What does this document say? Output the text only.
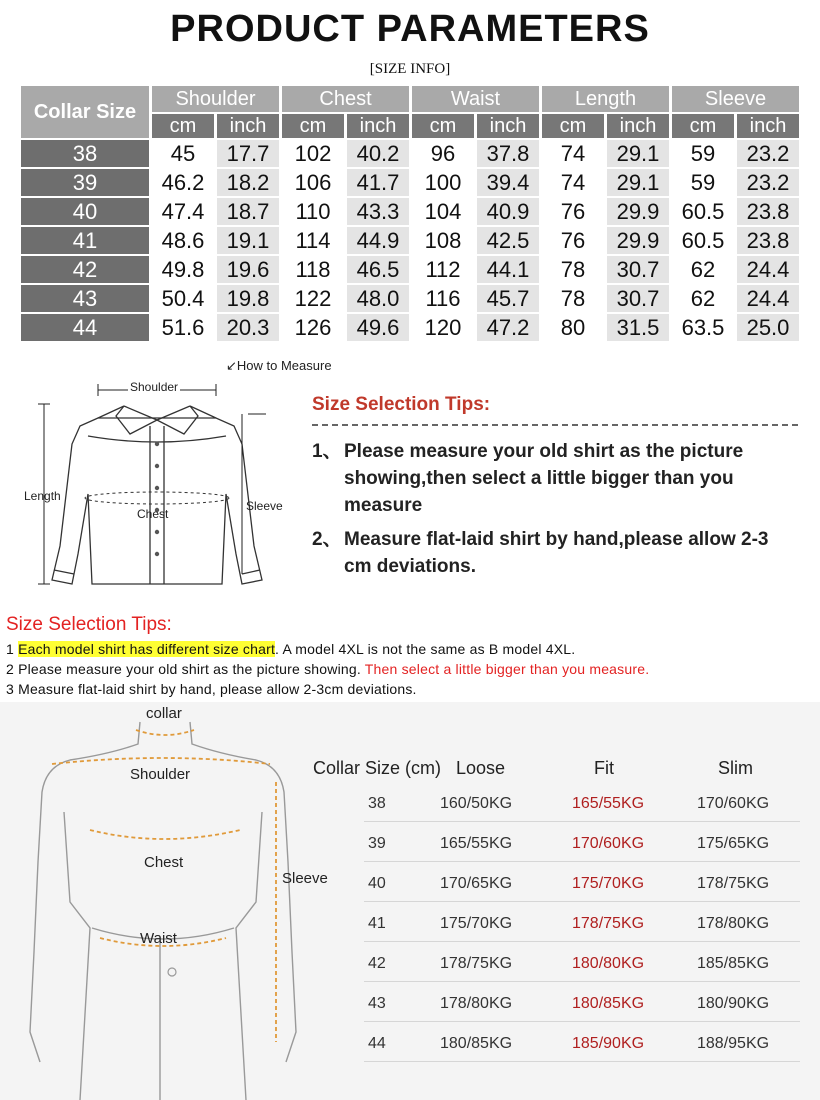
PRODUCT PARAMETERS
[SIZE INFO]
Collar Size	Shoulder		Chest		Waist		Length		Sleeve	
	cm	inch	cm	inch	cm	inch	cm	inch	cm	inch
38	45	17.7	102	40.2	96	37.8	74	29.1	59	23.2
39	46.2	18.2	106	41.7	100	39.4	74	29.1	59	23.2
40	47.4	18.7	110	43.3	104	40.9	76	29.9	60.5	23.8
41	48.6	19.1	114	44.9	108	42.5	76	29.9	60.5	23.8
42	49.8	19.6	118	46.5	112	44.1	78	30.7	62	24.4
43	50.4	19.8	122	48.0	116	45.7	78	30.7	62	24.4
44	51.6	20.3	126	49.6	120	47.2	80	31.5	63.5	25.0
↙How to Measure
Shoulder
Length
Chest
Sleeve
Size Selection Tips:
1、 Please measure your old shirt as the picture showing,then select a little bigger than you measure
2、 Measure flat-laid shirt by hand,please allow 2-3 cm deviations.
Size Selection Tips:
1 Each model shirt has different size chart. A model 4XL is not the same as B model 4XL.
2 Please measure your old shirt as the picture showing. Then select a little bigger than you measure.
3 Measure flat-laid shirt by hand, please allow 2-3cm deviations.
collar
Shoulder
Chest
Waist
Sleeve
Collar Size (cm) Loose	Fit	Slim
38	160/50KG	165/55KG	170/60KG
39	165/55KG	170/60KG	175/65KG
40	170/65KG	175/70KG	178/75KG
41	175/70KG	178/75KG	178/80KG
42	178/75KG	180/80KG	185/85KG
43	178/80KG	180/85KG	180/90KG
44	180/85KG	185/90KG	188/95KG
